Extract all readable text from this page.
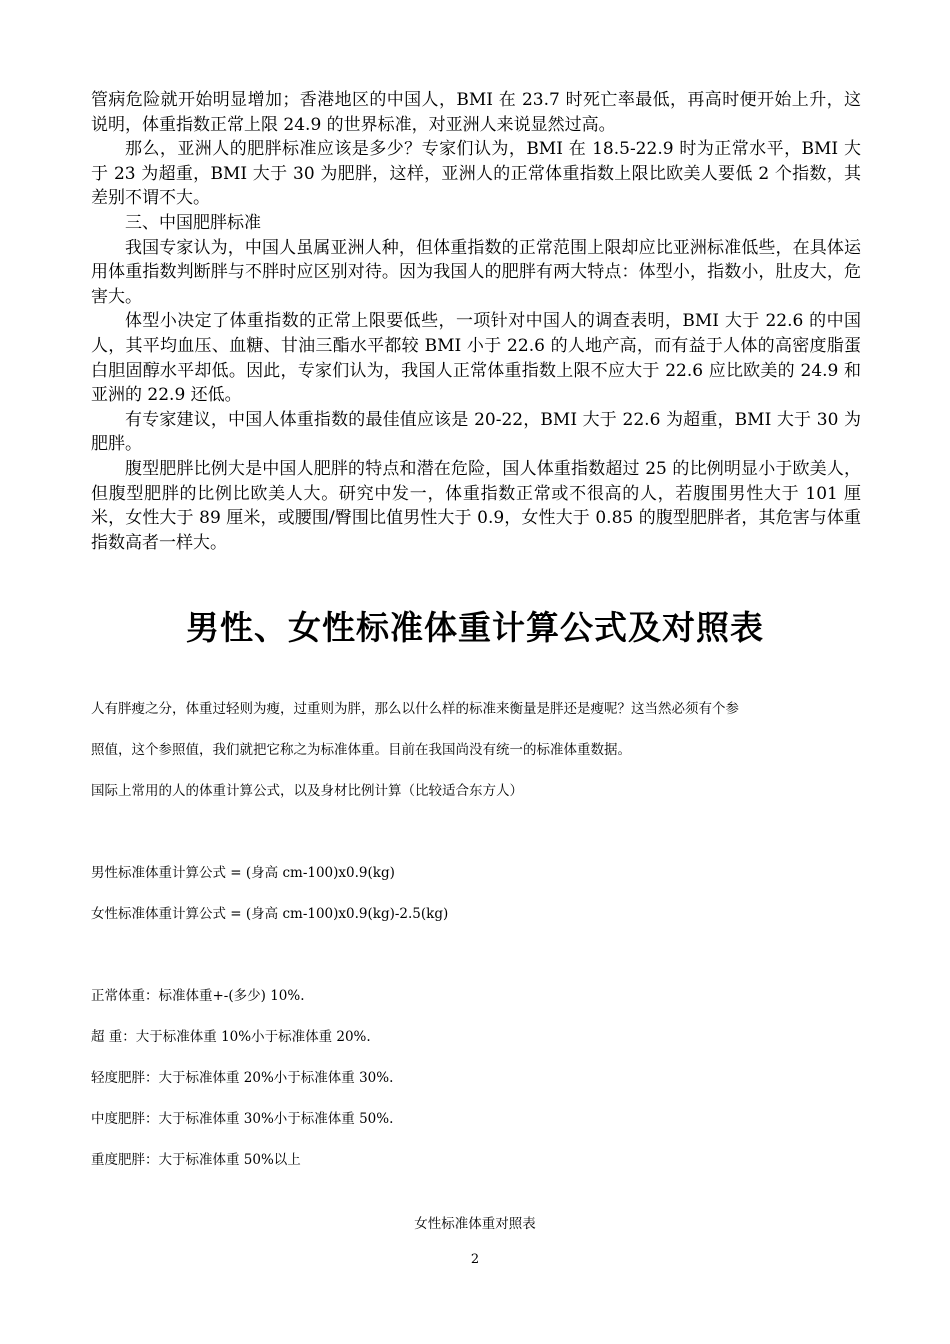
管病危险就开始明显增加；香港地区的中国人，BMI 在 23.7 时死亡率最低，再高时便开始上升，这说明，体重指数正常上限 24.9 的世界标准，对亚洲人来说显然过高。

那么，亚洲人的肥胖标准应该是多少？专家们认为，BMI 在 18.5-22.9 时为正常水平，BMI 大于 23 为超重，BMI 大于 30 为肥胖，这样，亚洲人的正常体重指数上限比欧美人要低 2 个指数，其差别不谓不大。

三、中国肥胖标准

我国专家认为，中国人虽属亚洲人种，但体重指数的正常范围上限却应比亚洲标准低些，在具体运用体重指数判断胖与不胖时应区别对待。因为我国人的肥胖有两大特点：体型小，指数小，肚皮大，危害大。

体型小决定了体重指数的正常上限要低些，一项针对中国人的调查表明，BMI 大于 22.6 的中国人，其平均血压、血糖、甘油三酯水平都较 BMI 小于 22.6 的人地产高，而有益于人体的高密度脂蛋白胆固醇水平却低。因此，专家们认为，我国人正常体重指数上限不应大于 22.6 应比欧美的 24.9 和亚洲的 22.9 还低。

有专家建议，中国人体重指数的最佳值应该是 20-22，BMI 大于 22.6 为超重，BMI 大于 30 为肥胖。

腹型肥胖比例大是中国人肥胖的特点和潜在危险，国人体重指数超过 25 的比例明显小于欧美人，但腹型肥胖的比例比欧美人大。研究中发一，体重指数正常或不很高的人，若腹围男性大于 101 厘米，女性大于 89 厘米，或腰围/臀围比值男性大于 0.9，女性大于 0.85 的腹型肥胖者，其危害与体重指数高者一样大。

男性、女性标准体重计算公式及对照表
人有胖瘦之分，体重过轻则为瘦，过重则为胖，那么以什么样的标准来衡量是胖还是瘦呢？这当然必须有个参
照值，这个参照值，我们就把它称之为标准体重。目前在我国尚没有统一的标准体重数据。
国际上常用的人的体重计算公式，以及身材比例计算（比较适合东方人）
男性标准体重计算公式 = (身高 cm-100)x0.9(kg)
女性标准体重计算公式 = (身高 cm-100)x0.9(kg)-2.5(kg)
正常体重：标准体重+-(多少) 10%.
超 重：大于标准体重 10%小于标准体重 20%.
轻度肥胖：大于标准体重 20%小于标准体重 30%.
中度肥胖：大于标准体重 30%小于标准体重 50%.
重度肥胖：大于标准体重 50%以上
女性标准体重对照表
2
